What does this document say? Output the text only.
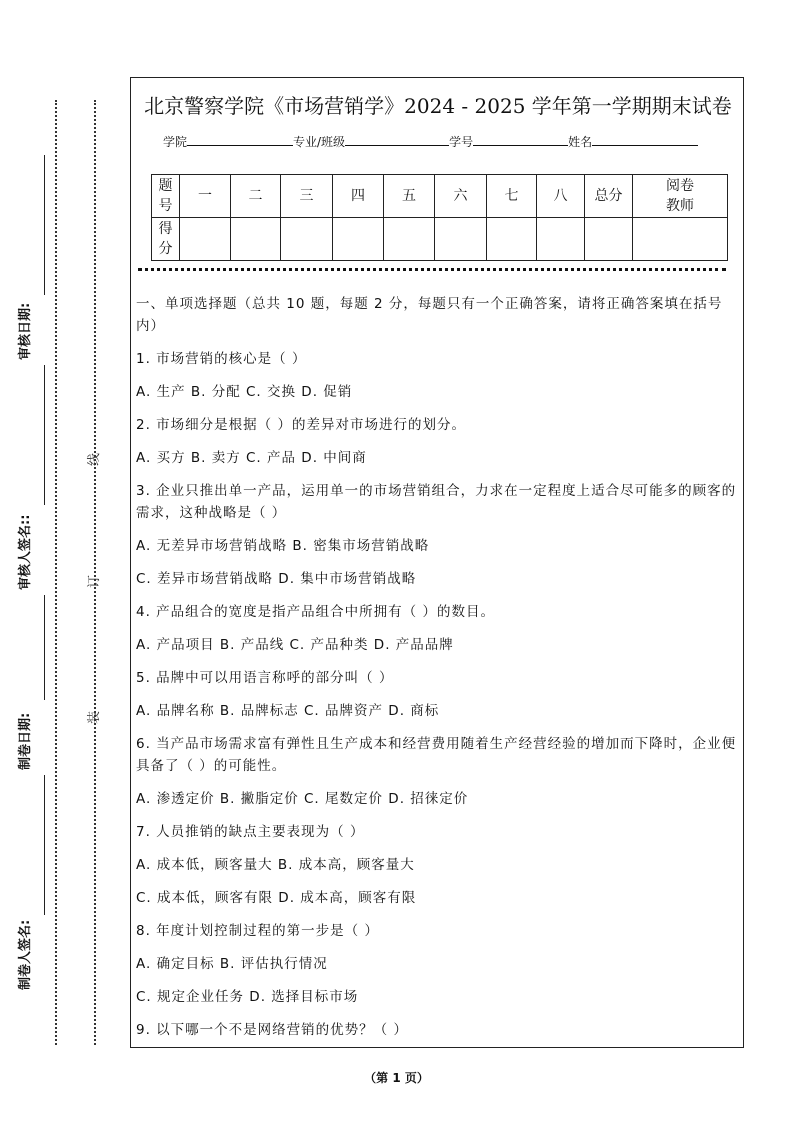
审核日期:
审核人签名::
制卷日期:
制卷人签名:
线
订
装
北京警察学院《市场营销学》2024 - 2025 学年第一学期期末试卷
学院	专业/班级	学号	姓名
题
号	一	二	三	四	五	六	七	八	总分	阅卷
教师
得
分										

一、单项选择题（总共 10 题，每题 2 分，每题只有一个正确答案，请将正确答案填在括号内）

1. 市场营销的核心是（ ）

A. 生产 B. 分配 C. 交换 D. 促销

2. 市场细分是根据（ ）的差异对市场进行的划分。

A. 买方 B. 卖方 C. 产品 D. 中间商

3. 企业只推出单一产品，运用单一的市场营销组合，力求在一定程度上适合尽可能多的顾客的需求，这种战略是（ ）

A. 无差异市场营销战略 B. 密集市场营销战略

C. 差异市场营销战略 D. 集中市场营销战略

4. 产品组合的宽度是指产品组合中所拥有（ ）的数目。

A. 产品项目 B. 产品线 C. 产品种类 D. 产品品牌

5. 品牌中可以用语言称呼的部分叫（ ）

A. 品牌名称 B. 品牌标志 C. 品牌资产 D. 商标

6. 当产品市场需求富有弹性且生产成本和经营费用随着生产经营经验的增加而下降时，企业便具备了（ ）的可能性。

A. 渗透定价 B. 撇脂定价 C. 尾数定价 D. 招徕定价

7. 人员推销的缺点主要表现为（ ）

A. 成本低，顾客量大 B. 成本高，顾客量大

C. 成本低，顾客有限 D. 成本高，顾客有限

8. 年度计划控制过程的第一步是（ ）

A. 确定目标 B. 评估执行情况

C. 规定企业任务 D. 选择目标市场

9. 以下哪一个不是网络营销的优势？（ ）

（第 1 页）
